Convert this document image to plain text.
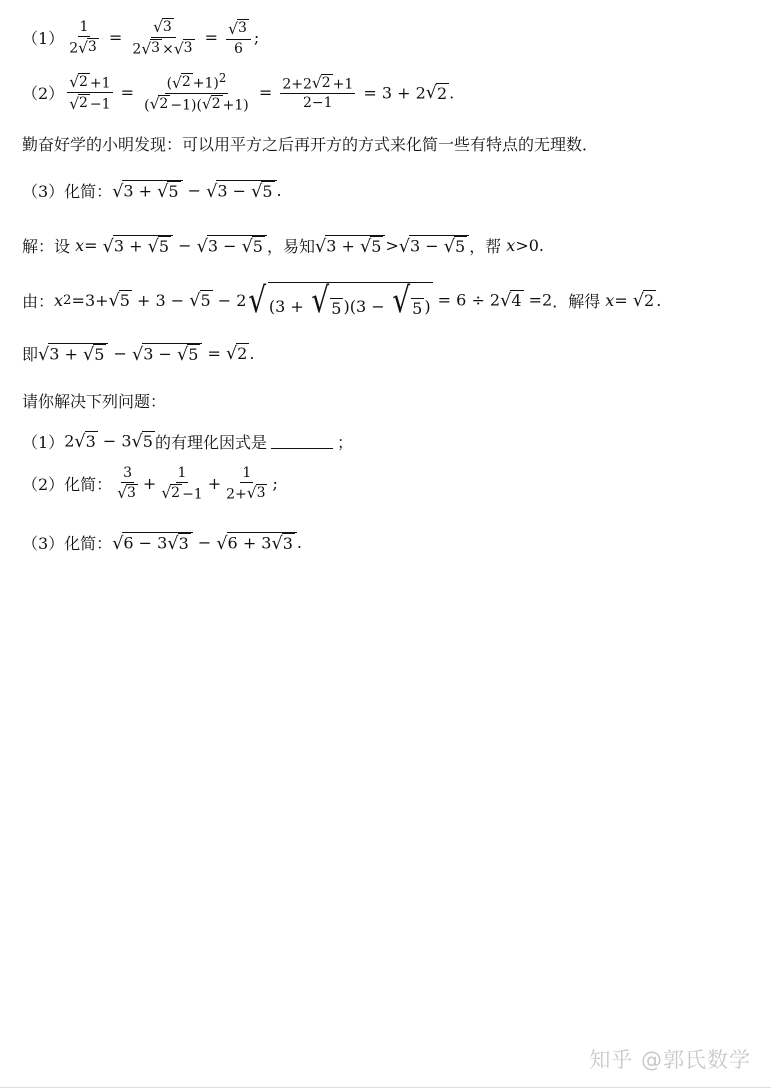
$(1) \frac{1}{2 √ 3} = \frac{√ 3}{2 √ 3 \times √ 3} = \frac{√ 3}{6}$ ;
$(2) \frac{√ 2 +1}{√ 2 -1} = \frac{( √ 2 +1)^2}{( √ 2 -1)( √ 2 +1)} = \frac{2+2 √ 2 +1}{2-1} = 3 + 2$ √ 2 .
勤奋好学的小明发现：可以用平方之后再开方的方式来化简一些有特点的无理数．
（3）化简： √ 3 + √ 5 − √ 3 − √ 5 .
解：设 x = √ 3 + √ 5 − √ 3 − √ 5 ，易知 √ 3 + √ 5 > √ 3 − √ 5 ，帮 x >0.
由： x 2 =3+ √ 5 + 3 − √ 5 − 2 √ (3 + √ 5 )(3 − √ 5 ) = 6 ÷ 2 √ 4 =2 ．解得 x = √ 2 .
即 √ 3 + √ 5 − √ 3 − √ 5 = √ 2 .
请你解决下列问题：
（1） 2 √ 3 − 3 √ 5 的有理化因式是	；
（2）化简： $\frac{3}{√ 3} + \frac{1}{√ 2 -1} + \frac{1}{2+ √ 3}$ ;
（3）化简： √ 6 − 3 √ 3 − √ 6 + 3 √ 3 .
知乎 @郭氏数学
